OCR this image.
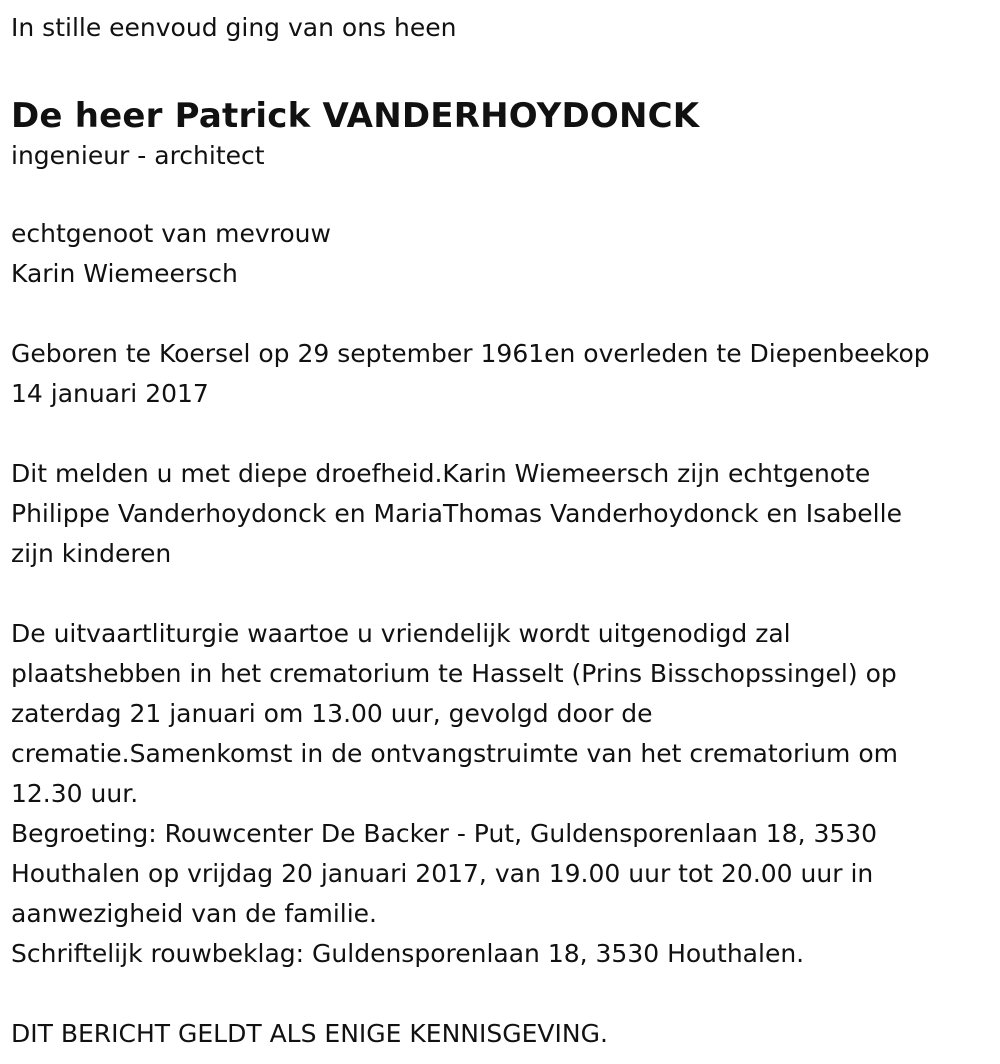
In stille eenvoud ging van ons heen

De heer Patrick VANDERHOYDONCK

ingenieur - architect

echtgenoot van mevrouw

Karin Wiemeersch

Geboren te Koersel op 29 september 1961en overleden te Diepenbeekop

14 januari 2017

Dit melden u met diepe droefheid.Karin Wiemeersch zijn echtgenote

Philippe Vanderhoydonck en MariaThomas Vanderhoydonck en Isabelle

zijn kinderen

De uitvaartliturgie waartoe u vriendelijk wordt uitgenodigd zal

plaatshebben in het crematorium te Hasselt (Prins Bisschopssingel) op

zaterdag 21 januari om 13.00 uur, gevolgd door de

crematie.Samenkomst in de ontvangstruimte van het crematorium om

12.30 uur.

Begroeting: Rouwcenter De Backer - Put, Guldensporenlaan 18, 3530

Houthalen op vrijdag 20 januari 2017, van 19.00 uur tot 20.00 uur in

aanwezigheid van de familie.

Schriftelijk rouwbeklag: Guldensporenlaan 18, 3530 Houthalen.

DIT BERICHT GELDT ALS ENIGE KENNISGEVING.
